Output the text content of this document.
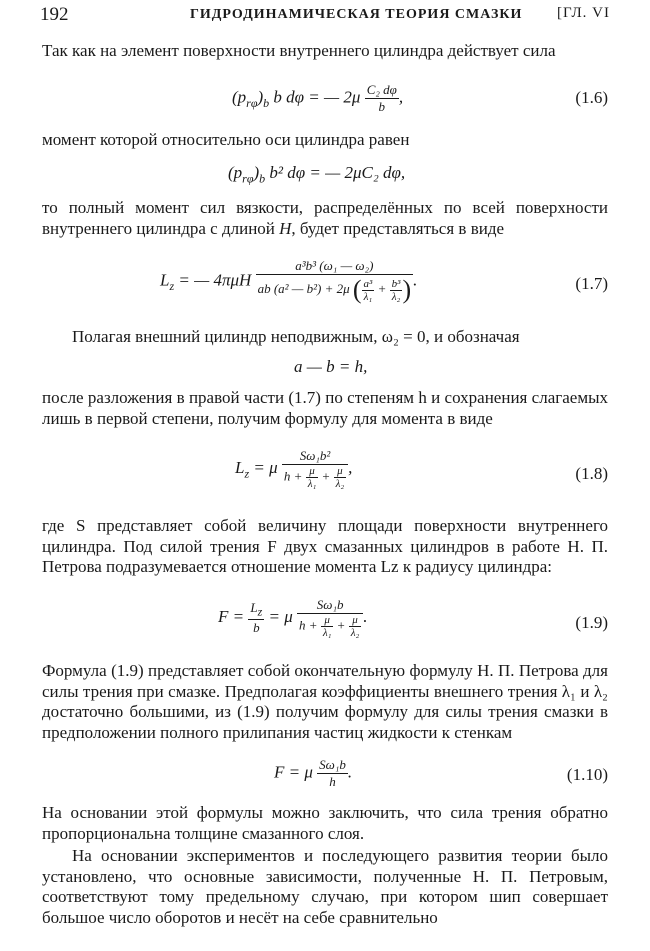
192	ГИДРОДИНАМИЧЕСКАЯ ТЕОРИЯ СМАЗКИ [ГЛ. VI
Так как на элемент поверхности внутреннего цилиндра действует сила
$(p_{r\varphi})_b$ b dφ = — $2\mu \frac{\text{C₂ dφ}}{b}$ ,	(1.6)
момент которой относительно оси цилиндра равен
$(p_{r\varphi})_b$ b² dφ = — 2μC₂ dφ,
то полный момент сил вязкости, распределённых по всей поверхности внутреннего цилиндра с длиной H, будет представляться в виде
$L_z$ = — $4\pi\mu H \frac{\text{a³b³ (ω₁ — ω₂)}}{ab (a^2 — b^2) + 2\mu ( \frac{\text{a³}}{\text{λ₁}} + \frac{\text{b³}}{\text{λ₂}} )}$ .	(1.7)
Полагая внешний цилиндр неподвижным, ω₂ = 0, и обозначая
a — b = h,
после разложения в правой части (1.7) по степеням h и сохранения слагаемых лишь в первой степени, получим формулу для момента в виде
$L_z = \mu \frac{\text{Sω₁b²}}{h + \frac{\mu}{\text{λ₁}} + \frac{\mu}{\text{λ₂}}}$ ,	(1.8)
где S представляет собой величину площади поверхности внутреннего цилиндра. Под силой трения F двух смазанных цилиндров в работе Н. П. Петрова подразумевается отношение момента Lz к радиусу цилиндра:
$F = \frac{L_z}{b} = \mu \frac{\text{Sω₁b}}{h + \frac{\mu}{\text{λ₁}} + \frac{\mu}{\text{λ₂}}}$ .	(1.9)
Формула (1.9) представляет собой окончательную формулу Н. П. Петрова для силы трения при смазке. Предполагая коэффициенты внешнего трения λ₁ и λ₂ достаточно большими, из (1.9) получим формулу для силы трения смазки в предположении полного прилипания частиц жидкости к стенкам
F = μ $\frac{\text{Sω₁b}}{h}$ .	(1.10)
На основании этой формулы можно заключить, что сила трения обратно пропорциональна толщине смазанного слоя.
На основании экспериментов и последующего развития теории было установлено, что основные зависимости, полученные Н. П. Петровым, соответствуют тому предельному случаю, при котором шип совершает большое число оборотов и несёт на себе сравнительно
